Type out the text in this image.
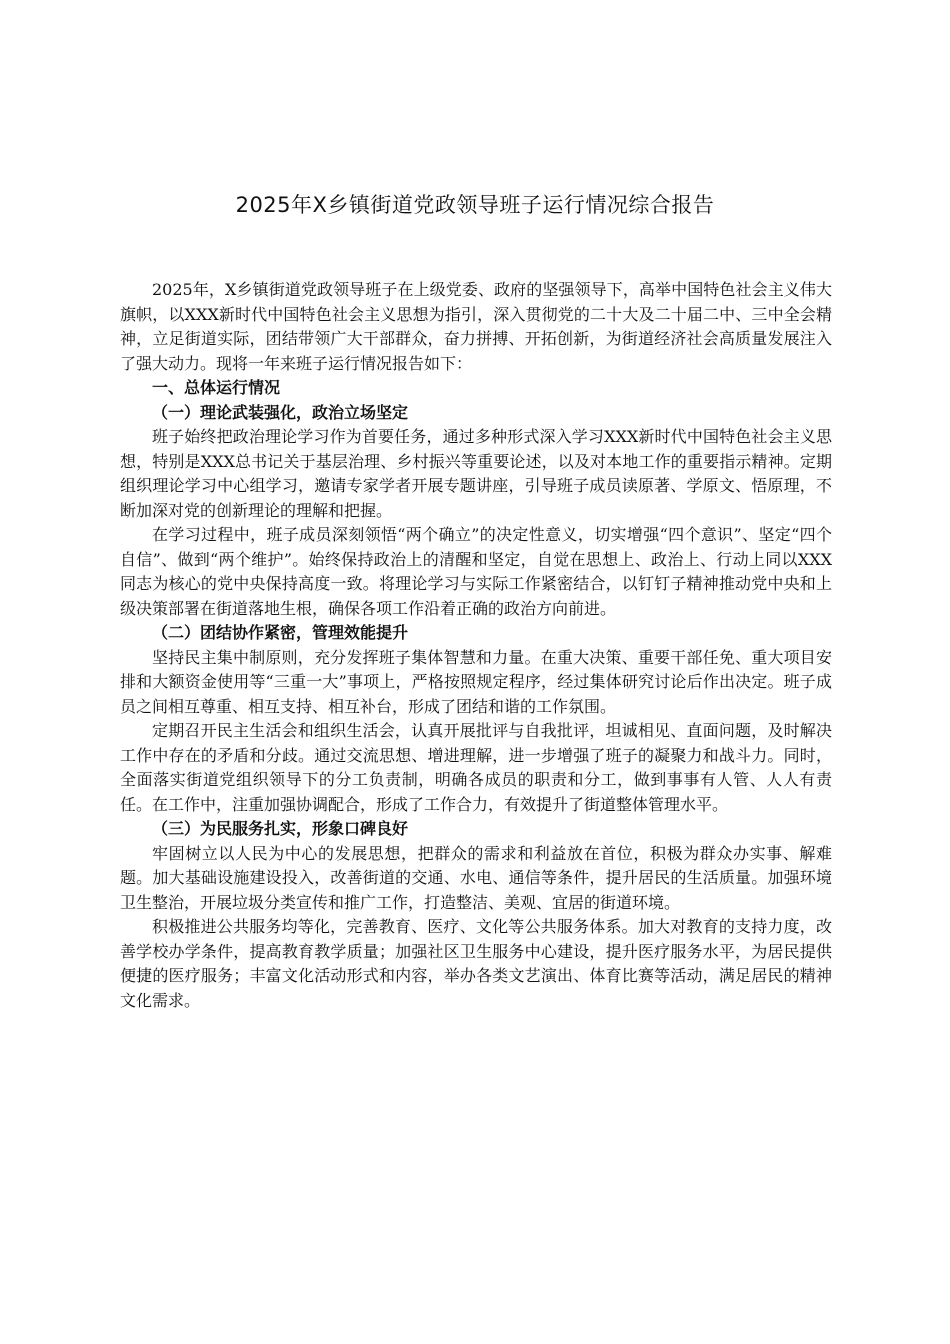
2025年X乡镇街道党政领导班子运行情况综合报告

2025年，X乡镇街道党政领导班子在上级党委、政府的坚强领导下，高举中国特色社会主义伟大旗帜，以XXX新时代中国特色社会主义思想为指引，深入贯彻党的二十大及二十届二中、三中全会精神，立足街道实际，团结带领广大干部群众，奋力拼搏、开拓创新，为街道经济社会高质量发展注入了强大动力。现将一年来班子运行情况报告如下：

一、总体运行情况
（一）理论武装强化，政治立场坚定

班子始终把政治理论学习作为首要任务，通过多种形式深入学习XXX新时代中国特色社会主义思想，特别是XXX总书记关于基层治理、乡村振兴等重要论述，以及对本地工作的重要指示精神。定期组织理论学习中心组学习，邀请专家学者开展专题讲座，引导班子成员读原著、学原文、悟原理，不断加深对党的创新理论的理解和把握。

在学习过程中，班子成员深刻领悟“两个确立”的决定性意义，切实增强“四个意识”、坚定“四个自信”、做到“两个维护”。始终保持政治上的清醒和坚定，自觉在思想上、政治上、行动上同以XXX同志为核心的党中央保持高度一致。将理论学习与实际工作紧密结合，以钉钉子精神推动党中央和上级决策部署在街道落地生根，确保各项工作沿着正确的政治方向前进。

（二）团结协作紧密，管理效能提升

坚持民主集中制原则，充分发挥班子集体智慧和力量。在重大决策、重要干部任免、重大项目安排和大额资金使用等“三重一大”事项上，严格按照规定程序，经过集体研究讨论后作出决定。班子成员之间相互尊重、相互支持、相互补台，形成了团结和谐的工作氛围。

定期召开民主生活会和组织生活会，认真开展批评与自我批评，坦诚相见、直面问题，及时解决工作中存在的矛盾和分歧。通过交流思想、增进理解，进一步增强了班子的凝聚力和战斗力。同时，全面落实街道党组织领导下的分工负责制，明确各成员的职责和分工，做到事事有人管、人人有责任。在工作中，注重加强协调配合，形成了工作合力，有效提升了街道整体管理水平。

（三）为民服务扎实，形象口碑良好

牢固树立以人民为中心的发展思想，把群众的需求和利益放在首位，积极为群众办实事、解难题。加大基础设施建设投入，改善街道的交通、水电、通信等条件，提升居民的生活质量。加强环境卫生整治，开展垃圾分类宣传和推广工作，打造整洁、美观、宜居的街道环境。

积极推进公共服务均等化，完善教育、医疗、文化等公共服务体系。加大对教育的支持力度，改善学校办学条件，提高教育教学质量；加强社区卫生服务中心建设，提升医疗服务水平，为居民提供便捷的医疗服务；丰富文化活动形式和内容，举办各类文艺演出、体育比赛等活动，满足居民的精神文化需求。
